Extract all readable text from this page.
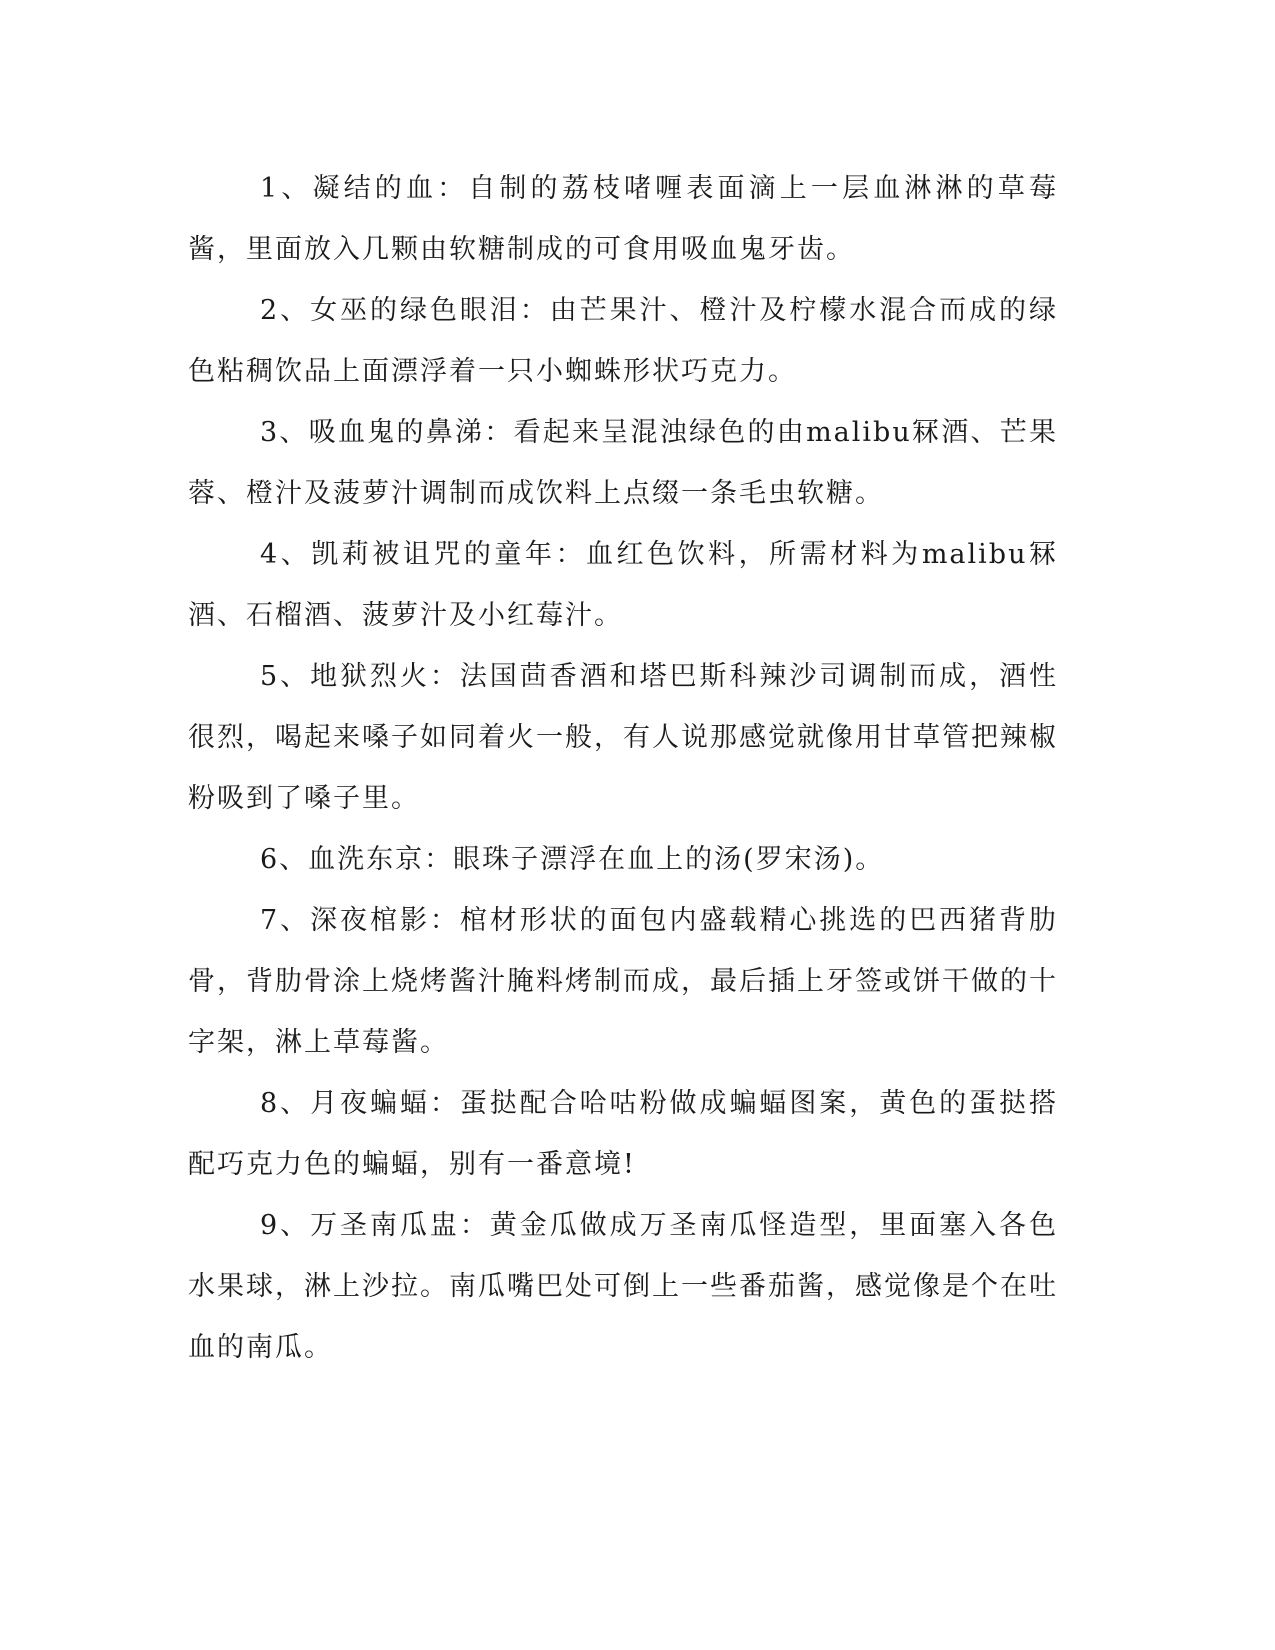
1、凝结的血：自制的荔枝啫喱表面滴上一层血淋淋的草莓酱，里面放入几颗由软糖制成的可食用吸血鬼牙齿。

2、女巫的绿色眼泪：由芒果汁、橙汁及柠檬水混合而成的绿色粘稠饮品上面漂浮着一只小蜘蛛形状巧克力。

3、吸血鬼的鼻涕：看起来呈混浊绿色的由malibu冧酒、芒果蓉、橙汁及菠萝汁调制而成饮料上点缀一条毛虫软糖。

4、凯莉被诅咒的童年：血红色饮料，所需材料为malibu冧酒、石榴酒、菠萝汁及小红莓汁。

5、地狱烈火：法国茴香酒和塔巴斯科辣沙司调制而成，酒性很烈，喝起来嗓子如同着火一般，有人说那感觉就像用甘草管把辣椒粉吸到了嗓子里。

6、血洗东京：眼珠子漂浮在血上的汤(罗宋汤)。

7、深夜棺影：棺材形状的面包内盛载精心挑选的巴西猪背肋骨，背肋骨涂上烧烤酱汁腌料烤制而成，最后插上牙签或饼干做的十字架，淋上草莓酱。

8、月夜蝙蝠：蛋挞配合哈咕粉做成蝙蝠图案，黄色的蛋挞搭配巧克力色的蝙蝠，别有一番意境!

9、万圣南瓜盅：黄金瓜做成万圣南瓜怪造型，里面塞入各色水果球，淋上沙拉。南瓜嘴巴处可倒上一些番茄酱，感觉像是个在吐血的南瓜。
